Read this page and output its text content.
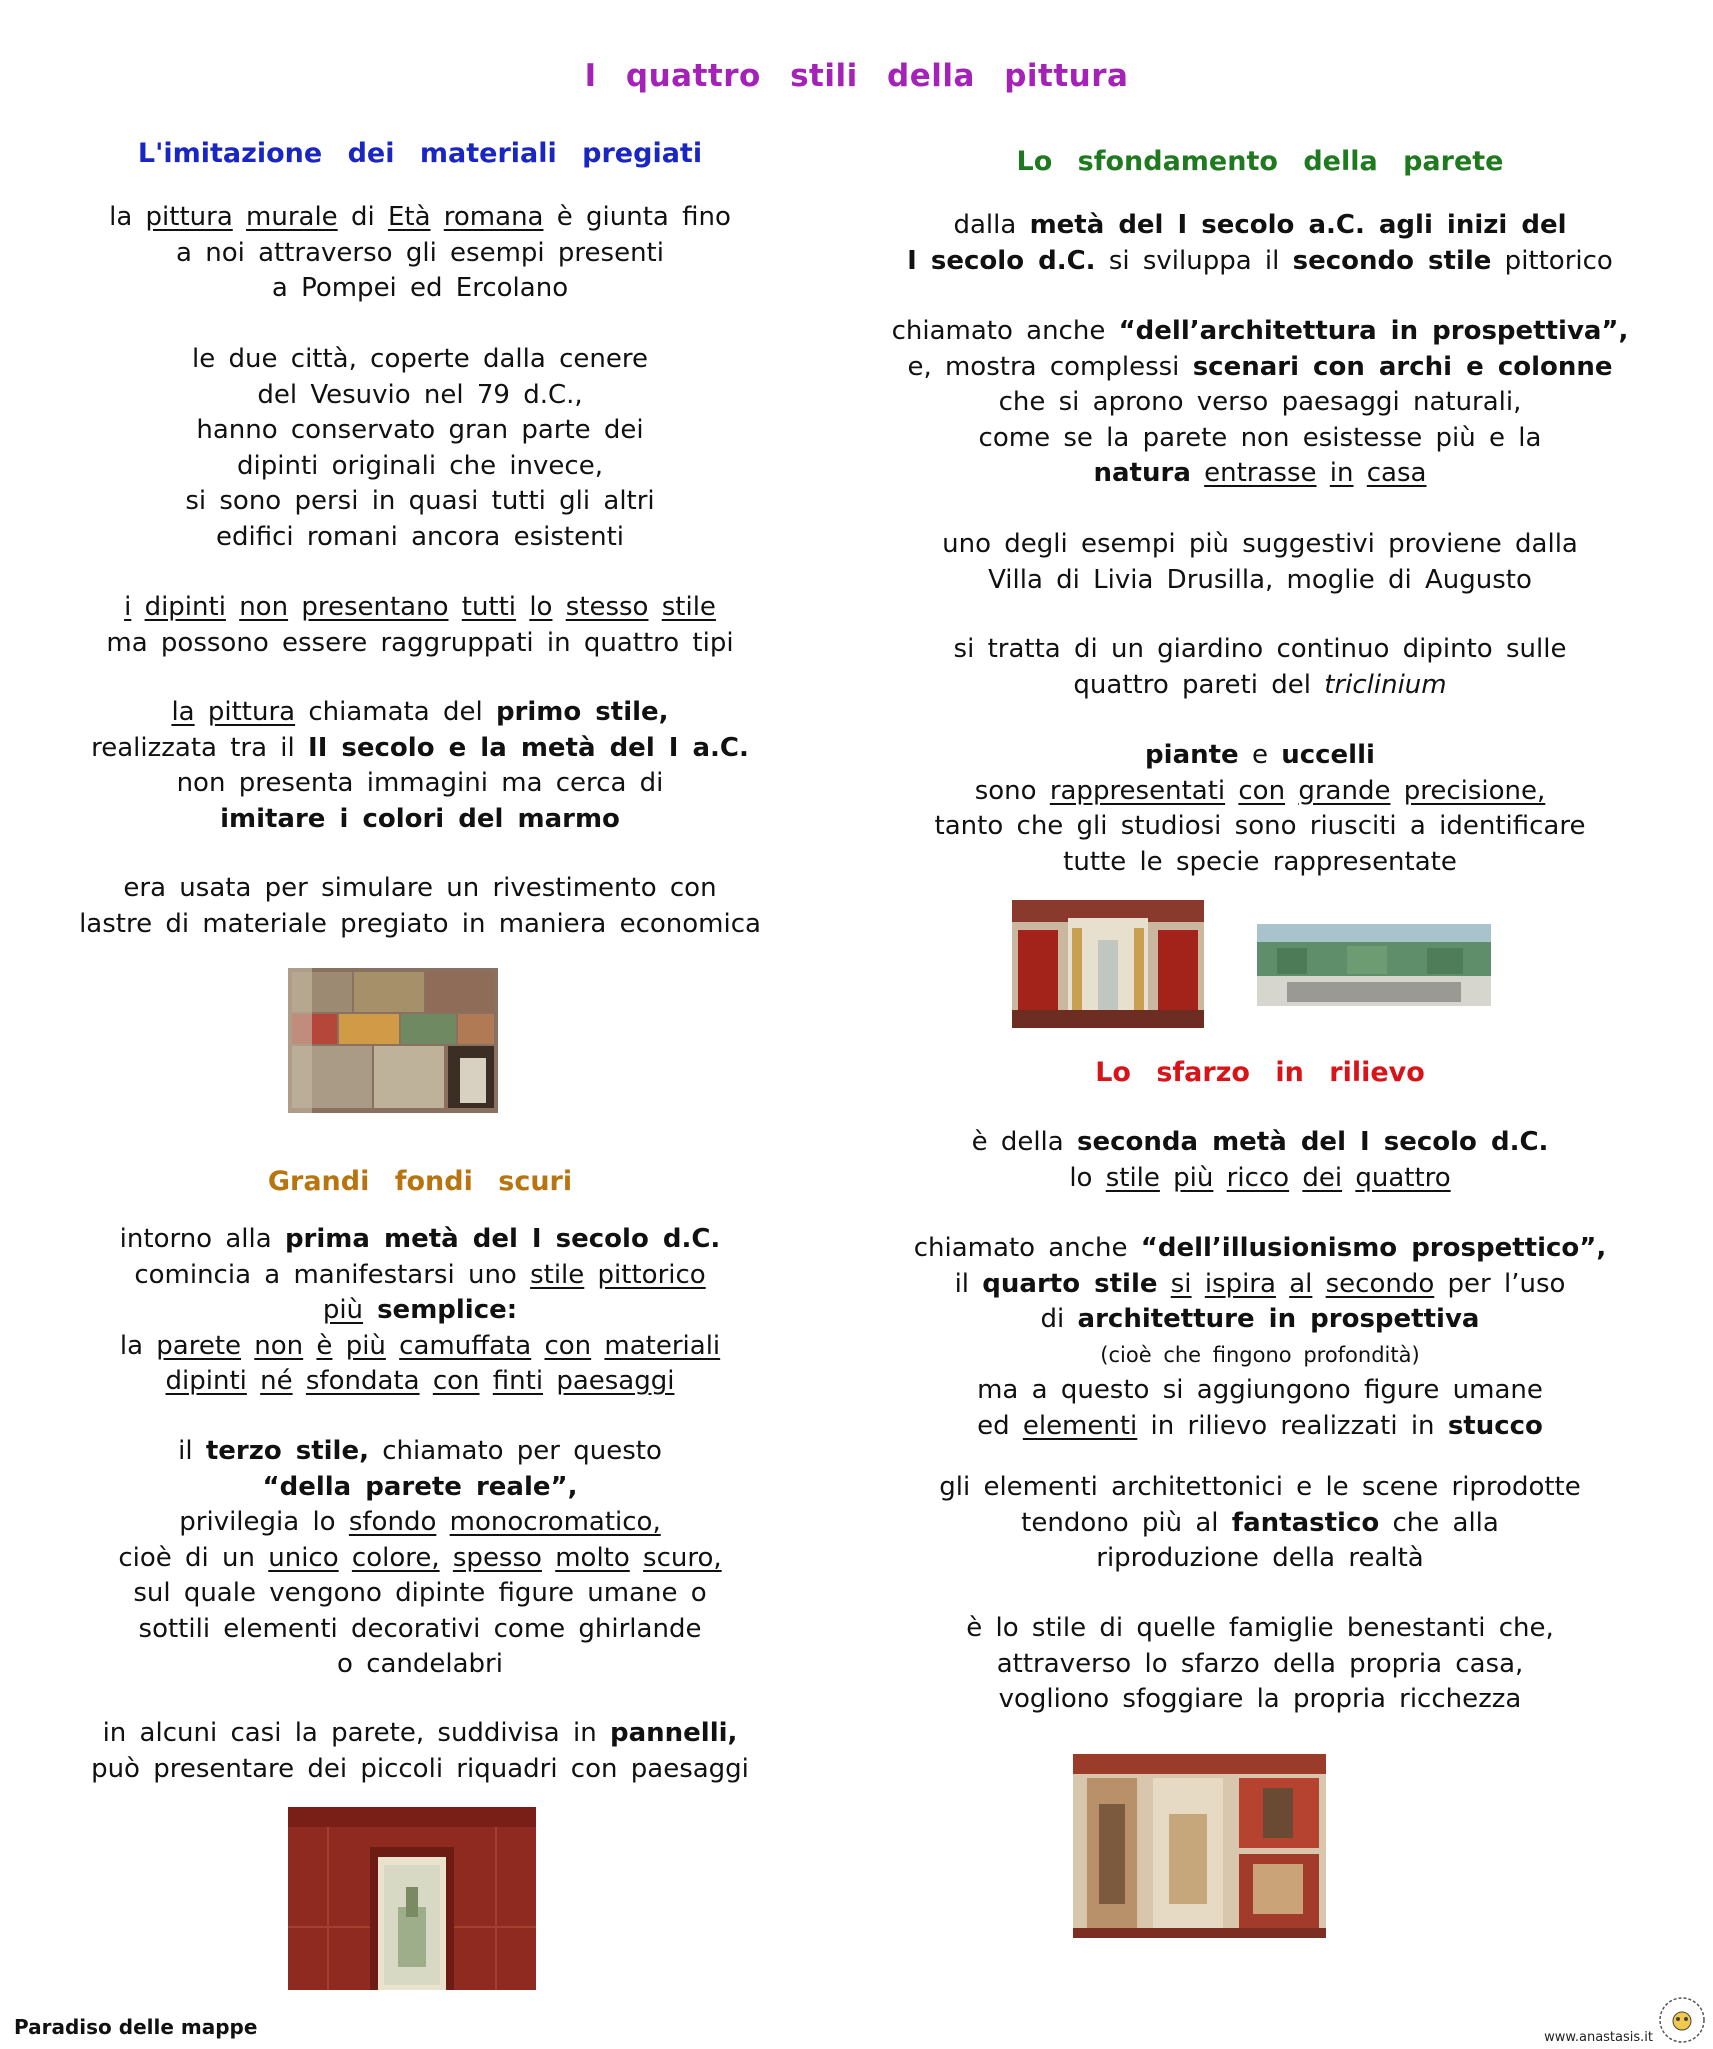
I quattro stili della pittura
L'imitazione dei materiali pregiati
la pittura murale di Età romana è giunta fino
a noi attraverso gli esempi presenti
a Pompei ed Ercolano
le due città, coperte dalla cenere
del Vesuvio nel 79 d.C.,
hanno conservato gran parte dei
dipinti originali che invece,
si sono persi in quasi tutti gli altri
edifici romani ancora esistenti
i dipinti non presentano tutti lo stesso stile
ma possono essere raggruppati in quattro tipi
la pittura chiamata del primo stile,
realizzata tra il II secolo e la metà del I a.C.
non presenta immagini ma cerca di
imitare i colori del marmo
era usata per simulare un rivestimento con
lastre di materiale pregiato in maniera economica
Grandi fondi scuri
intorno alla prima metà del I secolo d.C.
comincia a manifestarsi uno stile pittorico
più semplice:
la parete non è più camuffata con materiali
dipinti né sfondata con finti paesaggi
il terzo stile, chiamato per questo
“della parete reale”,
privilegia lo sfondo monocromatico,
cioè di un unico colore, spesso molto scuro,
sul quale vengono dipinte figure umane o
sottili elementi decorativi come ghirlande
o candelabri
in alcuni casi la parete, suddivisa in pannelli,
può presentare dei piccoli riquadri con paesaggi
Lo sfondamento della parete
dalla metà del I secolo a.C. agli inizi del
I secolo d.C. si sviluppa il secondo stile pittorico
chiamato anche “dell’architettura in prospettiva”,
e, mostra complessi scenari con archi e colonne
che si aprono verso paesaggi naturali,
come se la parete non esistesse più e la
natura entrasse in casa
uno degli esempi più suggestivi proviene dalla
Villa di Livia Drusilla, moglie di Augusto
si tratta di un giardino continuo dipinto sulle
quattro pareti del triclinium
piante e uccelli
sono rappresentati con grande precisione,
tanto che gli studiosi sono riusciti a identificare
tutte le specie rappresentate
Lo sfarzo in rilievo
è della seconda metà del I secolo d.C.
lo stile più ricco dei quattro
chiamato anche “dell’illusionismo prospettico”,
il quarto stile si ispira al secondo per l’uso
di architetture in prospettiva
(cioè che fingono profondità)
ma a questo si aggiungono figure umane
ed elementi in rilievo realizzati in stucco
gli elementi architettonici e le scene riprodotte
tendono più al fantastico che alla
riproduzione della realtà
è lo stile di quelle famiglie benestanti che,
attraverso lo sfarzo della propria casa,
vogliono sfoggiare la propria ricchezza
Paradiso delle mappe	www.anastasis.it
